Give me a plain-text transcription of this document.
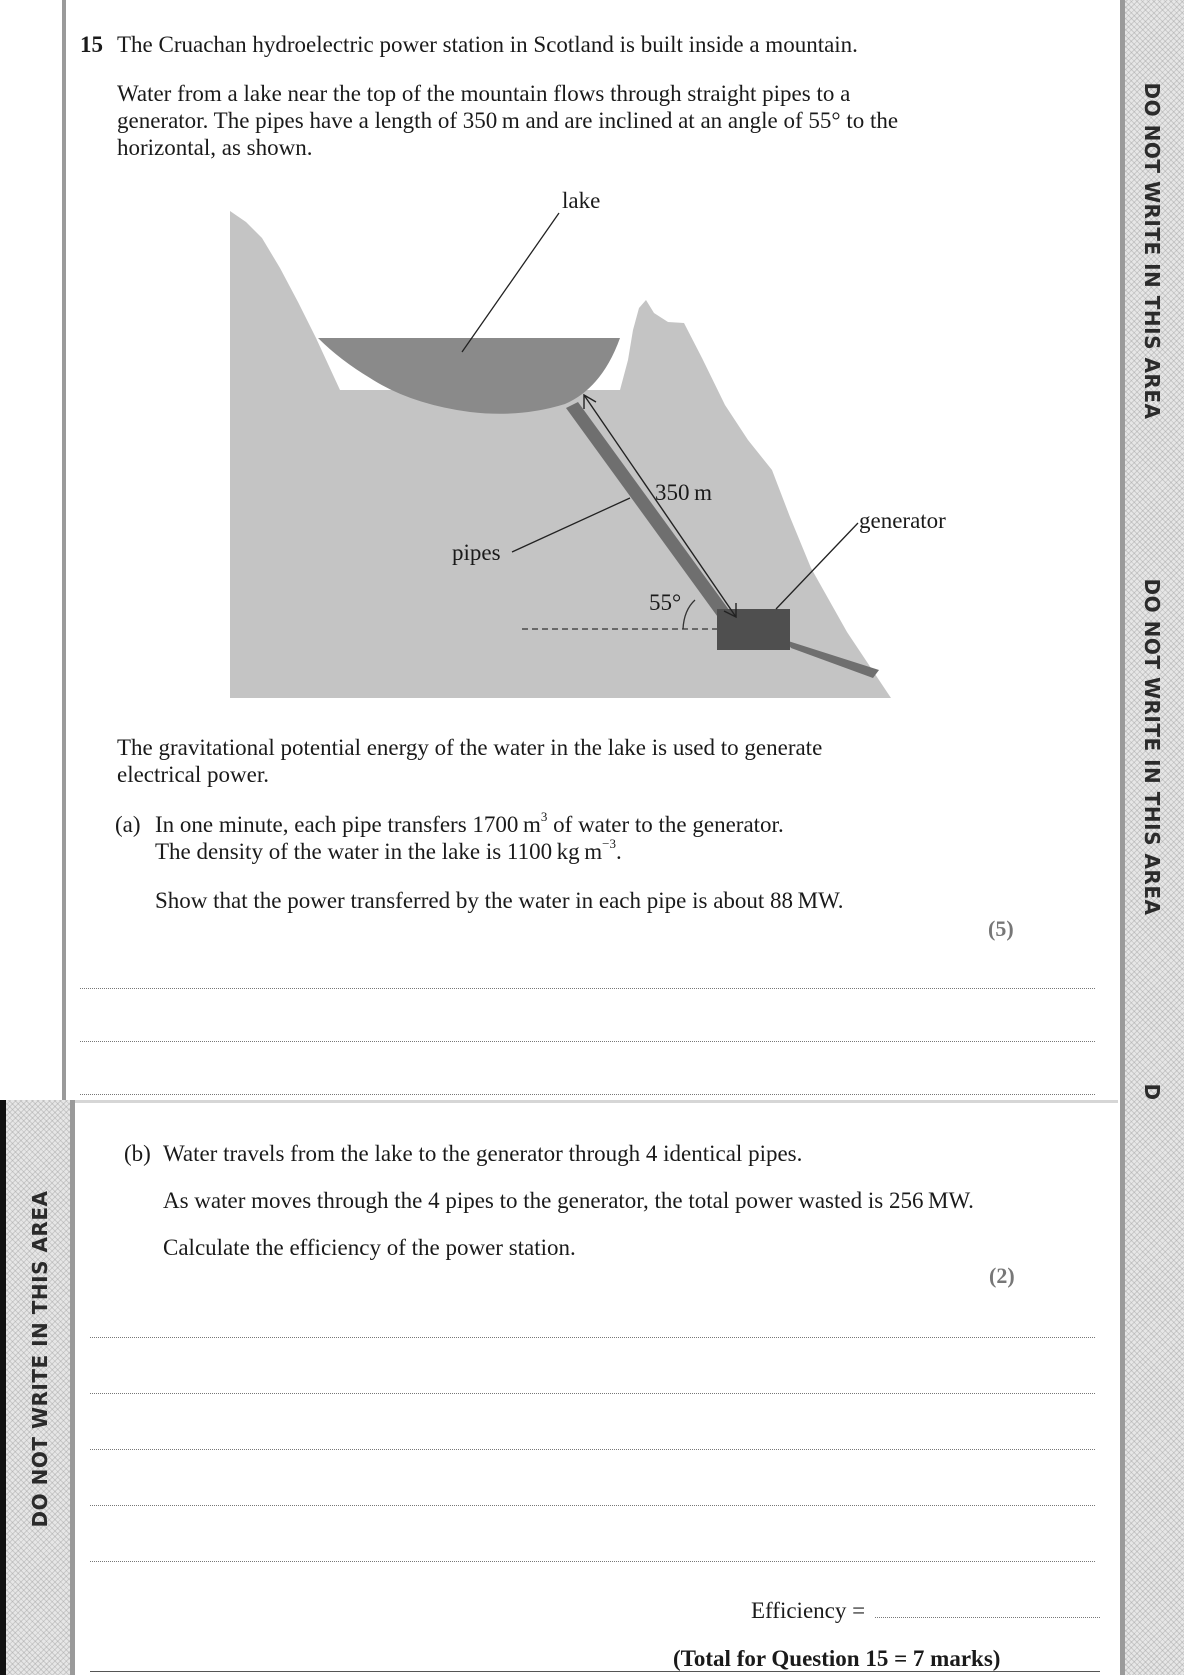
DO NOT WRITE IN THIS AREA
DO NOT WRITE IN THIS AREA
D
15 The Cruachan hydroelectric power station in Scotland is built inside a mountain.
Water from a lake near the top of the mountain flows through straight pipes to a
generator. The pipes have a length of 350 m and are inclined at an angle of 55° to the
horizontal, as shown.
lake
350 m
generator
pipes
55°
The gravitational potential energy of the water in the lake is used to generate
electrical power.
(a) In one minute, each pipe transfers 1700 $m^3$ of water to the generator.
The density of the water in the lake is 1100 kg $m^{-3}$.
Show that the power transferred by the water in each pipe is about 88 MW.
(5)
DO NOT WRITE IN THIS AREA
(b) Water travels from the lake to the generator through 4 identical pipes.
As water moves through the 4 pipes to the generator, the total power wasted is 256 MW.
Calculate the efficiency of the power station.
(2)
Efficiency =
(Total for Question 15 = 7 marks)
